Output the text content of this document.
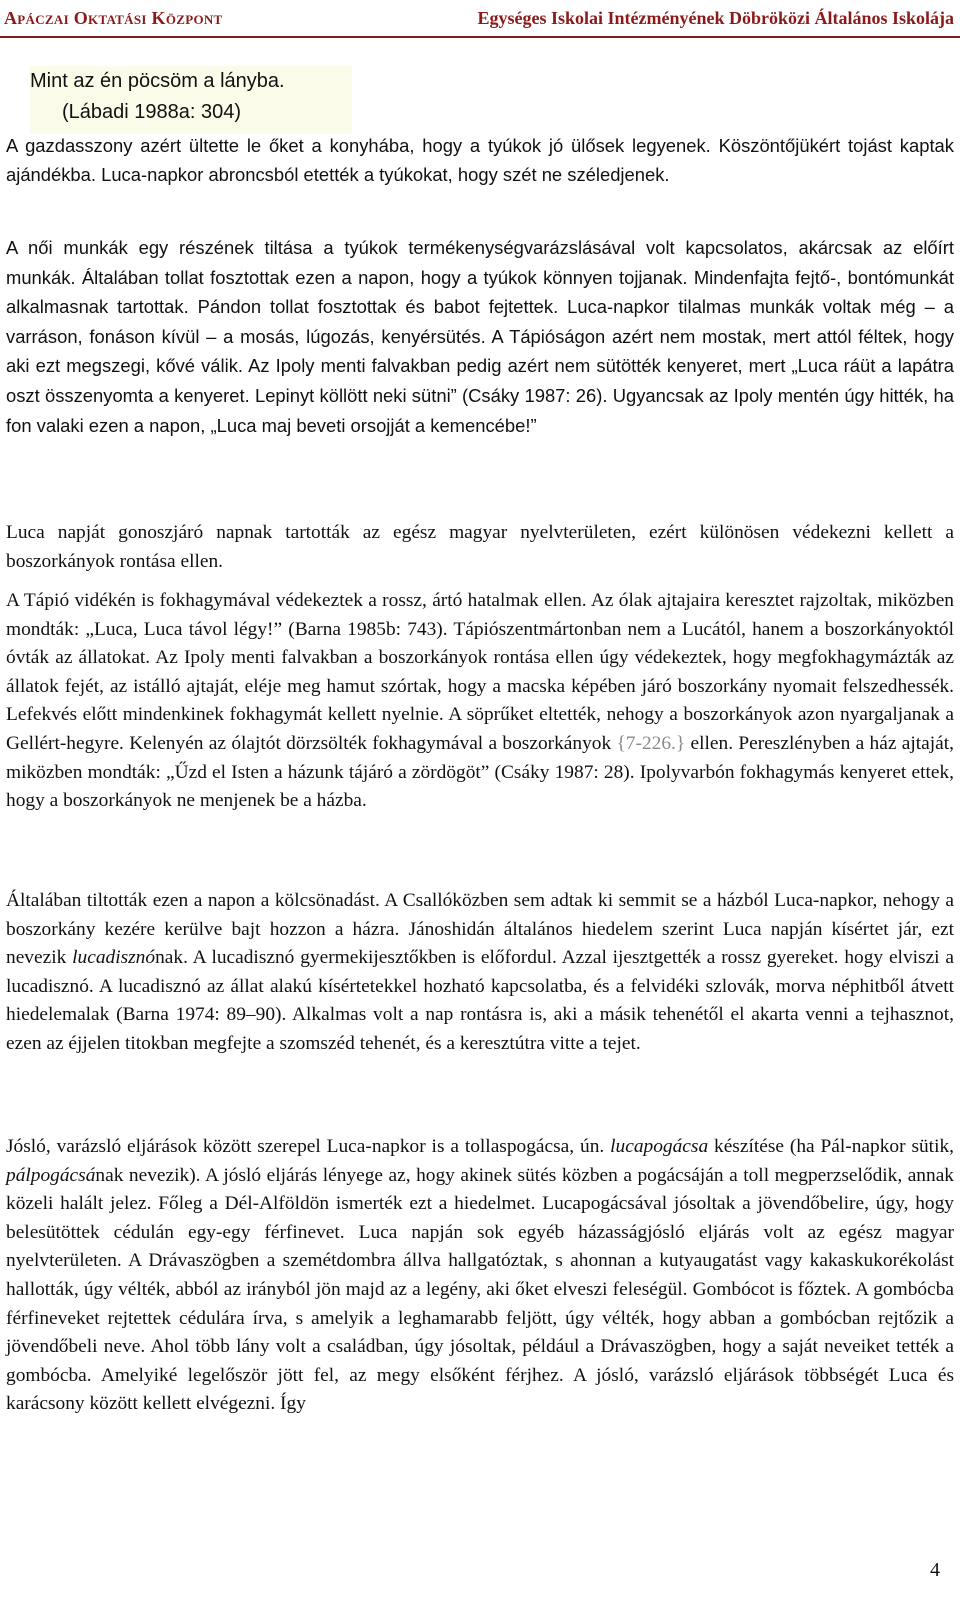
Apáczai Oktatási Központ	Egységes Iskolai Intézményének Döbröközi Általános Iskolája
Mint az én pöcsöm a lányba.
(Lábadi 1988a: 304)
A gazdasszony azért ültette le őket a konyhába, hogy a tyúkok jó ülősek legyenek. Köszöntőjükért tojást kaptak ajándékba. Luca-napkor abroncsból etették a tyúkokat, hogy szét ne széledjenek.
A női munkák egy részének tiltása a tyúkok termékenységvarázslásával volt kapcsolatos, akárcsak az előírt munkák. Általában tollat fosztottak ezen a napon, hogy a tyúkok könnyen tojjanak. Mindenfajta fejtő-, bontómunkát alkalmasnak tartottak. Pándon tollat fosztottak és babot fejtettek. Luca-napkor tilalmas munkák voltak még – a varráson, fonáson kívül – a mosás, lúgozás, kenyérsütés. A Tápióságon azért nem mostak, mert attól féltek, hogy aki ezt megszegi, kővé válik. Az Ipoly menti falvakban pedig azért nem sütötték kenyeret, mert „Luca ráüt a lapátra oszt összenyomta a kenyeret. Lepinyt köllött neki sütni” (Csáky 1987: 26). Ugyancsak az Ipoly mentén úgy hitték, ha fon valaki ezen a napon, „Luca maj beveti orsojját a kemencébe!”
Luca napját gonoszjáró napnak tartották az egész magyar nyelvterületen, ezért különösen védekezni kellett a boszorkányok rontása ellen.
A Tápió vidékén is fokhagymával védekeztek a rossz, ártó hatalmak ellen. Az ólak ajtajaira keresztet rajzoltak, miközben mondták: „Luca, Luca távol légy!” (Barna 1985b: 743). Tápiószentmártonban nem a Lucától, hanem a boszorkányoktól óvták az állatokat. Az Ipoly menti falvakban a boszorkányok rontása ellen úgy védekeztek, hogy megfokhagymázták az állatok fejét, az istálló ajtaját, eléje meg hamut szórtak, hogy a macska képében járó boszorkány nyomait felszedhessék. Lefekvés előtt mindenkinek fokhagymát kellett nyelnie. A söprűket eltették, nehogy a boszorkányok azon nyargaljanak a Gellért-hegyre. Kelenyén az ólajtót dörzsölték fokhagymával a boszorkányok {7-226.} ellen. Pereszlényben a ház ajtaját, miközben mondták: „Űzd el Isten a házunk tájáró a zördögöt” (Csáky 1987: 28). Ipolyvarbón fokhagymás kenyeret ettek, hogy a boszorkányok ne menjenek be a házba.
Általában tiltották ezen a napon a kölcsönadást. A Csallóközben sem adtak ki semmit se a házból Luca-napkor, nehogy a boszorkány kezére kerülve bajt hozzon a házra. Jánoshidán általános hiedelem szerint Luca napján kísértet jár, ezt nevezik lucadisznónak. A lucadisznó gyermekijesztőkben is előfordul. Azzal ijesztgették a rossz gyereket. hogy elviszi a lucadisznó. A lucadisznó az állat alakú kísértetekkel hozható kapcsolatba, és a felvidéki szlovák, morva néphitből átvett hiedelemalak (Barna 1974: 89–90). Alkalmas volt a nap rontásra is, aki a másik tehenétől el akarta venni a tejhasznot, ezen az éjjelen titokban megfejte a szomszéd tehenét, és a keresztútra vitte a tejet.
Jósló, varázsló eljárások között szerepel Luca-napkor is a tollaspogácsa, ún. lucapogácsa készítése (ha Pál-napkor sütik, pálpogácsának nevezik). A jósló eljárás lényege az, hogy akinek sütés közben a pogácsáján a toll megperzselődik, annak közeli halált jelez. Főleg a Dél-Alföldön ismerték ezt a hiedelmet. Lucapogácsával jósoltak a jövendőbelire, úgy, hogy belesütöttek cédulán egy-egy férfinevet. Luca napján sok egyéb házasságjósló eljárás volt az egész magyar nyelvterületen. A Drávaszögben a szemétdombra állva hallgatóztak, s ahonnan a kutyaugatást vagy kakaskukorékolást hallották, úgy vélték, abból az irányból jön majd az a legény, aki őket elveszi feleségül. Gombócot is főztek. A gombócba férfineveket rejtettek cédulára írva, s amelyik a leghamarabb feljött, úgy vélték, hogy abban a gombócban rejtőzik a jövendőbeli neve. Ahol több lány volt a családban, úgy jósoltak, például a Drávaszögben, hogy a saját neveiket tették a gombócba. Amelyiké legelőször jött fel, az megy elsőként férjhez. A jósló, varázsló eljárások többségét Luca és karácsony között kellett elvégezni. Így
4
